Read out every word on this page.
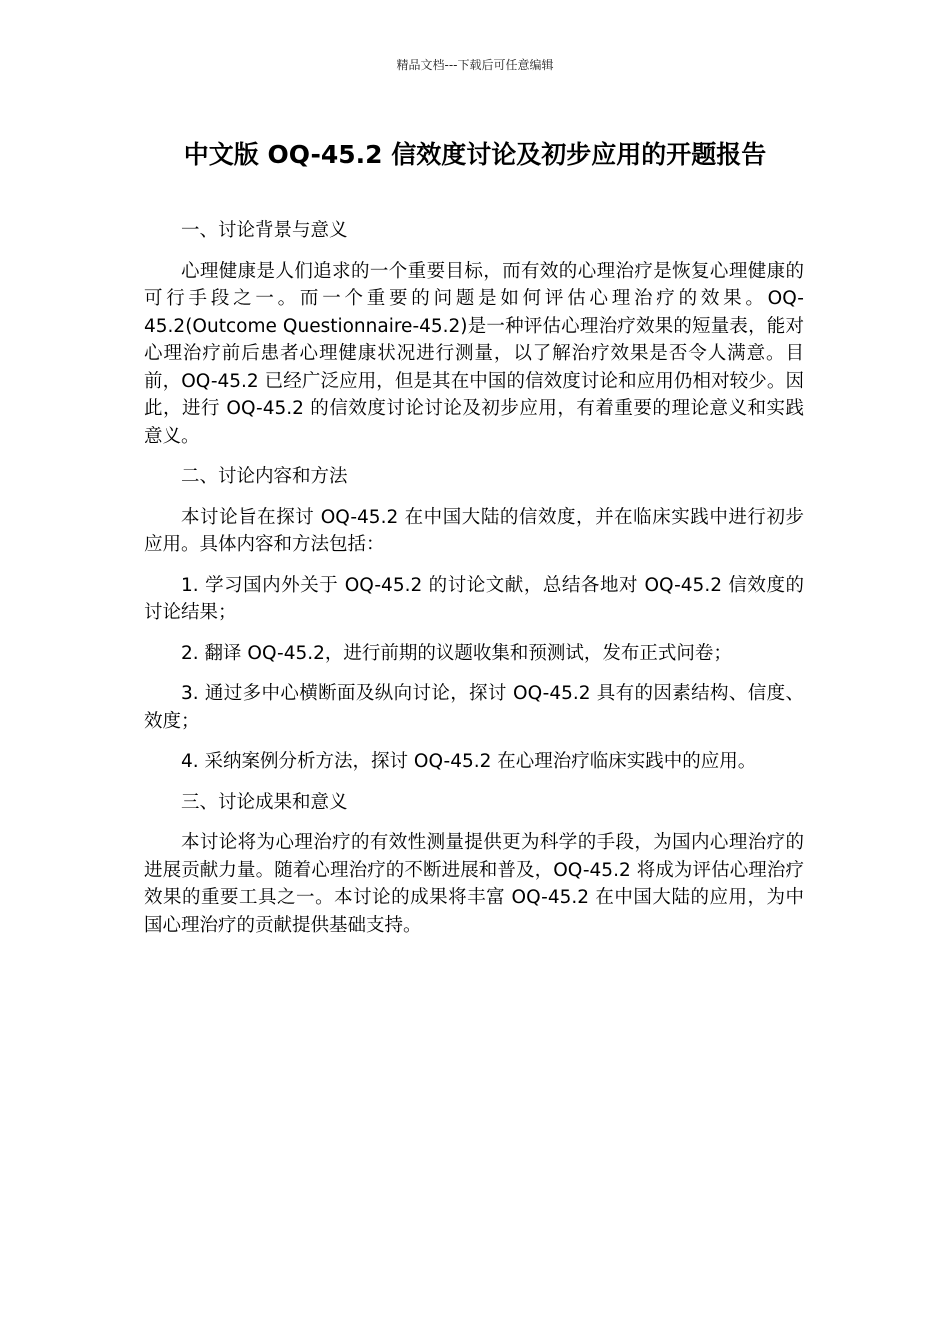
精品文档---下载后可任意编辑
中文版 OQ-45.2 信效度讨论及初步应用的开题报告

一、讨论背景与意义

心理健康是人们追求的一个重要目标，而有效的心理治疗是恢复心理健康的可行手段之一。而一个重要的问题是如何评估心理治疗的效果。OQ-45.2(Outcome Questionnaire-45.2)是一种评估心理治疗效果的短量表，能对心理治疗前后患者心理健康状况进行测量，以了解治疗效果是否令人满意。目前，OQ-45.2 已经广泛应用，但是其在中国的信效度讨论和应用仍相对较少。因此，进行 OQ-45.2 的信效度讨论讨论及初步应用，有着重要的理论意义和实践意义。

二、讨论内容和方法

本讨论旨在探讨 OQ-45.2 在中国大陆的信效度，并在临床实践中进行初步应用。具体内容和方法包括：

1. 学习国内外关于 OQ-45.2 的讨论文献，总结各地对 OQ-45.2 信效度的讨论结果；

2. 翻译 OQ-45.2，进行前期的议题收集和预测试，发布正式问卷；

3. 通过多中心横断面及纵向讨论，探讨 OQ-45.2 具有的因素结构、信度、效度；

4. 采纳案例分析方法，探讨 OQ-45.2 在心理治疗临床实践中的应用。

三、讨论成果和意义

本讨论将为心理治疗的有效性测量提供更为科学的手段，为国内心理治疗的进展贡献力量。随着心理治疗的不断进展和普及，OQ-45.2 将成为评估心理治疗效果的重要工具之一。本讨论的成果将丰富 OQ-45.2 在中国大陆的应用，为中国心理治疗的贡献提供基础支持。
